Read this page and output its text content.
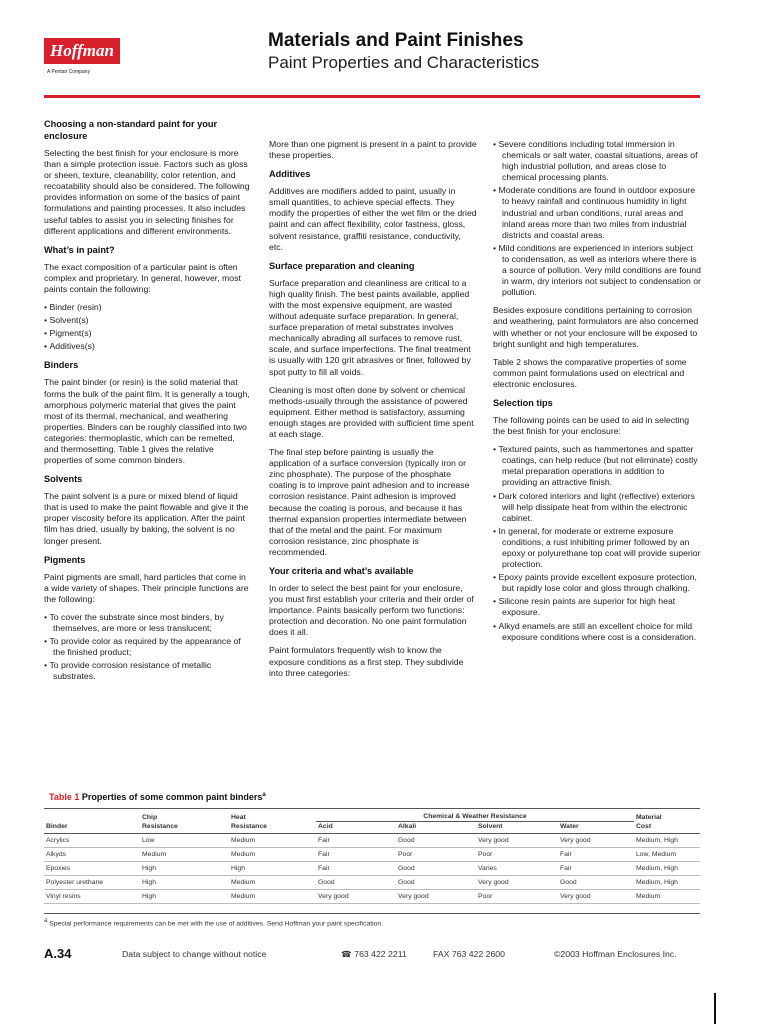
Hoffman
A Pentair Company
Materials and Paint Finishes
Paint Properties and Characteristics
Choosing a non-standard paint for your enclosure

Selecting the best finish for your enclosure is more than a simple protection issue. Factors such as gloss or sheen, texture, cleanability, color retention, and recoatability should also be considered. The following provides information on some of the basics of paint formulations and painting processes. It also includes useful tables to assist you in selecting finishes for different applications and different environments.

What’s in paint?

The exact composition of a particular paint is often complex and proprietary. In general, however, most paints contain the following:

• Binder (resin)
• Solvent(s)
• Pigment(s)
• Additives(s)
Binders

The paint binder (or resin) is the solid material that forms the bulk of the paint film. It is generally a tough, amorphous polymeric material that gives the paint most of its thermal, mechanical, and weathering properties. Binders can be roughly classified into two categories: thermoplastic, which can be remelted, and thermosetting. Table 1 gives the relative properties of some common binders.

Solvents

The paint solvent is a pure or mixed blend of liquid that is used to make the paint flowable and give it the proper viscosity before its application. After the paint film has dried, usually by baking, the solvent is no longer present.

Pigments

Paint pigments are small, hard particles that come in a wide variety of shapes. Their principle functions are the following:

• To cover the substrate since most binders, by themselves, are more or less translucent;
• To provide color as required by the appearance of the finished product;
• To provide corrosion resistance of metallic substrates.

More than one pigment is present in a paint to provide these properties.

Additives

Additives are modifiers added to paint, usually in small quantities, to achieve special effects. They modify the properties of either the wet film or the dried paint and can affect flexibility, color fastness, gloss, solvent resistance, graffiti resistance, conductivity, etc.

Surface preparation and cleaning

Surface preparation and cleanliness are critical to a high quality finish. The best paints available, applied with the most expensive equipment, are wasted without adequate surface preparation. In general, surface preparation of metal substrates involves mechanically abrading all surfaces to remove rust, scale, and surface imperfections. The final treatment is usually with 120 grit abrasives or finer, followed by spot putty to fill all voids.

Cleaning is most often done by solvent or chemical methods-usually through the assistance of powered equipment. Either method is satisfactory, assuming enough stages are provided with sufficient time spent at each stage.

The final step before painting is usually the application of a surface conversion (typically iron or zinc phosphate). The purpose of the phosphate coating is to improve paint adhesion and to increase corrosion resistance. Paint adhesion is improved because the coating is porous, and because it has thermal expansion properties intermediate between that of the metal and the paint. For maximum corrosion resistance, zinc phosphate is recommended.

Your criteria and what’s available

In order to select the best paint for your enclosure, you must first establish your criteria and their order of importance. Paints basically perform two functions: protection and decoration. No one paint formulation does it all.

Paint formulators frequently wish to know the exposure conditions as a first step. They subdivide into three categories:

• Severe conditions including total immersion in chemicals or salt water, coastal situations, areas of high industrial pollution, and areas close to chemical processing plants.
• Moderate conditions are found in outdoor exposure to heavy rainfall and continuous humidity in light industrial and urban conditions, rural areas and inland areas more than two miles from industrial districts and coastal areas.
• Mild conditions are experienced in interiors subject to condensation, as well as interiors where there is a source of pollution. Very mild conditions are found in warm, dry interiors not subject to condensation or pollution.

Besides exposure conditions pertaining to corrosion and weathering, paint formulators are also concerned with whether or not your enclosure will be exposed to bright sunlight and high temperatures.

Table 2 shows the comparative properties of some common paint formulations used on electrical and electronic enclosures.

Selection tips

The following points can be used to aid in selecting the best finish for your enclosure:

• Textured paints, such as hammertones and spatter coatings, can help reduce (but not eliminate) costly metal preparation operations in addition to providing an attractive finish.
• Dark colored interiors and light (reflective) exteriors will help dissipate heat from within the electronic cabinet.
• In general, for moderate or extreme exposure conditions, a rust inhibiting primer followed by an epoxy or polyurethane top coat will provide superior protection.
• Epoxy paints provide excellent exposure protection, but rapidly lose color and gloss through chalking.
• Silicone resin paints are superior for high heat exposure.
• Alkyd enamels are still an excellent choice for mild exposure conditions where cost is a consideration.
Table 1 Properties of some common paint binders$^a$
	Chip	Heat	Chemical & Weather Resistance				Material
Binder	Resistance	Resistance	Acid	Alkali	Solvent	Water	Cost
Acrylics	Low	Medium	Fair	Good	Very good	Very good	Medium, High
Alkyds	Medium	Medium	Fair	Poor	Poor	Fair	Low, Medium
Epoxies	High	High	Fair	Good	Varies	Fair	Medium, High
Polyester urethane	High	Medium	Good	Good	Very good	Good	Medium, High
Vinyl resins	High	Medium	Very good	Very good	Poor	Very good	Medium
$^a$ Special performance requirements can be met with the use of additives. Send Hoffman your paint specification.
A.34	Data subject to change without notice	☎ 763 422 2211	FAX 763 422 2600	©2003 Hoffman Enclosures Inc.
